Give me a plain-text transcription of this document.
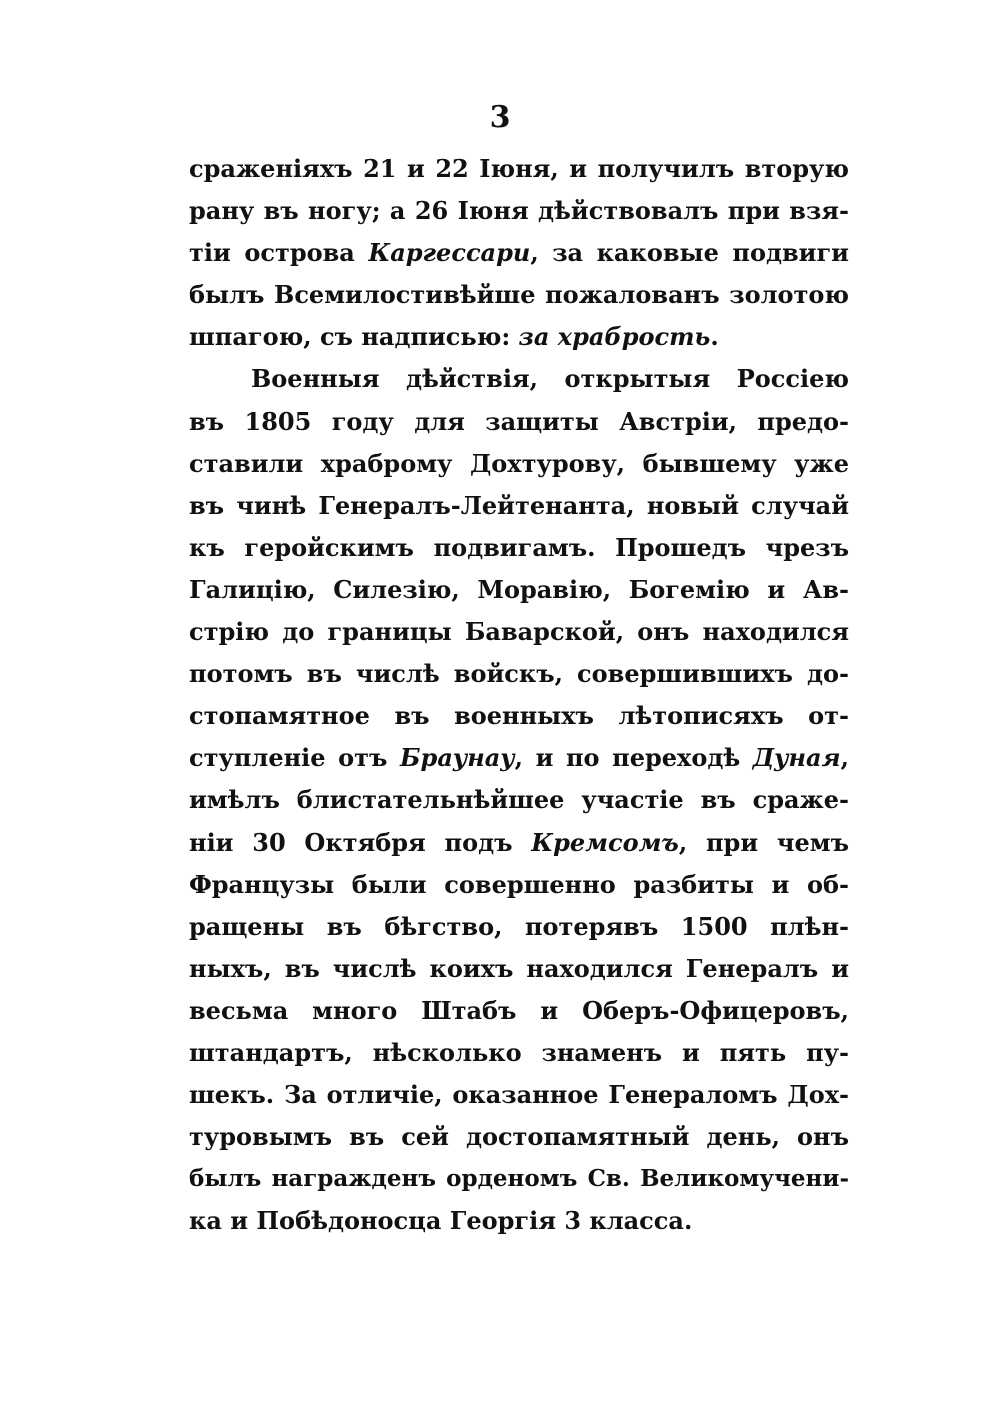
3
сраженіяхъ 21 и 22 Іюня, и получилъ вторую
рану въ ногу; а 26 Іюня дѣйствовалъ при взя-
тіи острова Каргессари, за каковые подвиги
былъ Всемилостивѣйше пожалованъ золотою
шпагою, съ надписью: за храбрость.
Военныя дѣйствія, открытыя Россіею
въ 1805 году для защиты Австріи, предо-
ставили храброму Дохтурову, бывшему уже
въ чинѣ Генералъ-Лейтенанта, новый случай
къ геройскимъ подвигамъ. Прошедъ чрезъ
Галицію, Силезію, Моравію, Богемію и Ав-
стрію до границы Баварской, онъ находился
потомъ въ числѣ войскъ, совершившихъ до-
стопамятное въ военныхъ лѣтописяхъ от-
ступленіе отъ Браунау, и по переходѣ Дуная,
имѣлъ блистательнѣйшее участіе въ сраже-
ніи 30 Октября подъ Кремсомъ, при чемъ
Французы были совершенно разбиты и об-
ращены въ бѣгство, потерявъ 1500 плѣн-
ныхъ, въ числѣ коихъ находился Генералъ и
весьма много Штабъ и Оберъ-Офицеровъ,
штандартъ, нѣсколько знаменъ и пять пу-
шекъ. За отличіе, оказанное Генераломъ Дох-
туровымъ въ сей достопамятный день, онъ
былъ награжденъ орденомъ Св. Великомучени-
ка и Побѣдоносца Георгія 3 класса.
